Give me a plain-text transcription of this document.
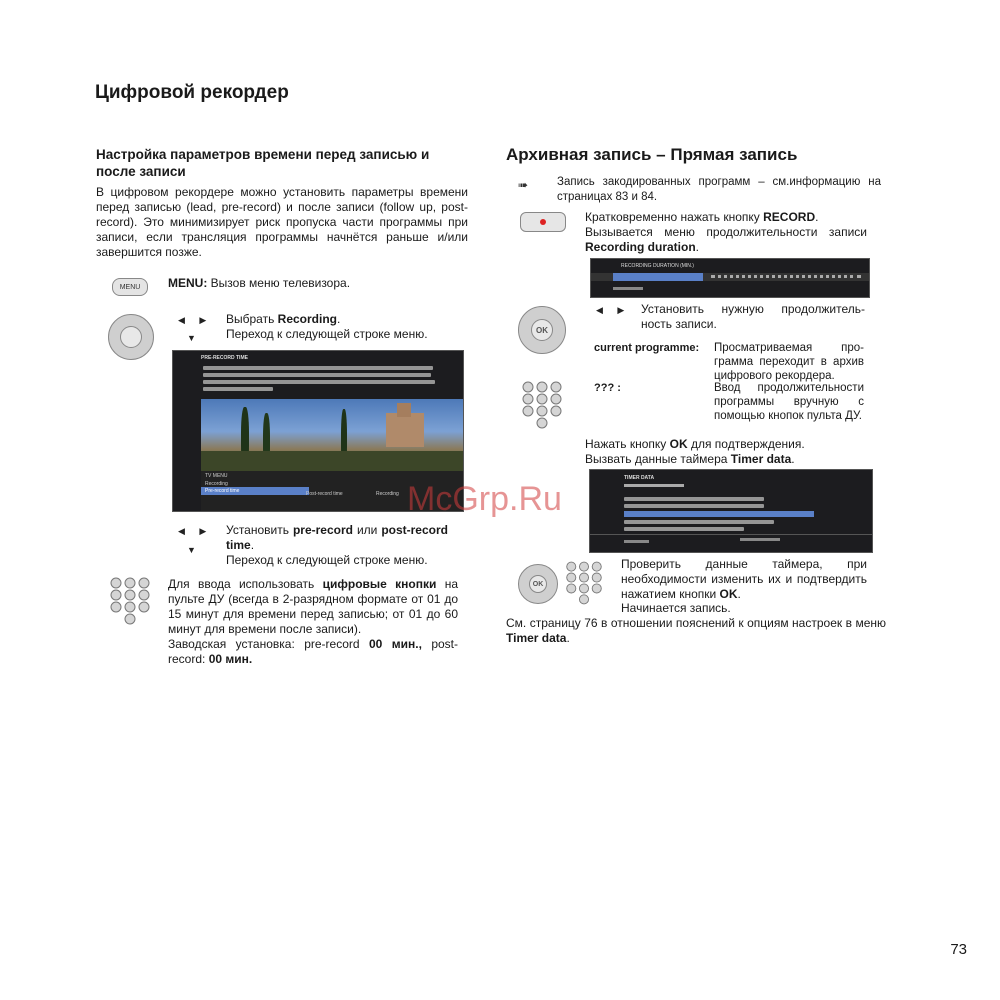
Цифровой рекордер
Настройка параметров времени перед записью и после записи
В цифровом рекордере можно установить параметры времени перед записью (lead, pre-record) и после записи (follow up, post-record). Это минимизирует риск пропуска части программы при записи, если трансляция программы начнётся раньше и/или завершится позже.
MENU MENU: Вызов меню телевизора.
◀ ▶
▼
Выбрать Recording.
Переход к следующей строке меню.
PRE-RECORD TIME
TV MENU
Recording
Pre-record time	Post-record time	Recording
◀ ▶
▼
Установить pre-record или post-record time.
Переход к следующей строке меню.
Для ввода использовать цифровые кнопки на пульте ДУ (всегда в 2-разрядном формате от 01 до 15 минут для времени перед записью; от 01 до 60 минут для времени после записи).
Заводская установка: pre-record 00 мин., post-record: 00 мин.
Архивная запись – Прямая запись
➠	Запись закодированных программ – см.информацию на страницах 83 и 84.
Кратковременно нажать кнопку RECORD.
Вызывается меню продолжительности записи Recording duration.
RECORDING DURATION (MIN.)
OK
◀ ▶ Установить нужную продолжитель- ность записи.
current programme: Просматриваемая про- грамма переходит в архив цифрового рекордера.
??? :	Ввод продолжительности программы вручную с помощью кнопок пульта ДУ.
Нажать кнопку OK для подтверждения.
Вызвать данные таймера Timer data.
TIMER DATA
OK
Проверить данные таймера, при необходимости изменить их и подтвердить нажатием кнопки OK.
Начинается запись.
См. страницу 76 в отношении пояснений к опциям настроек в меню Timer data.
McGrp.Ru
73
